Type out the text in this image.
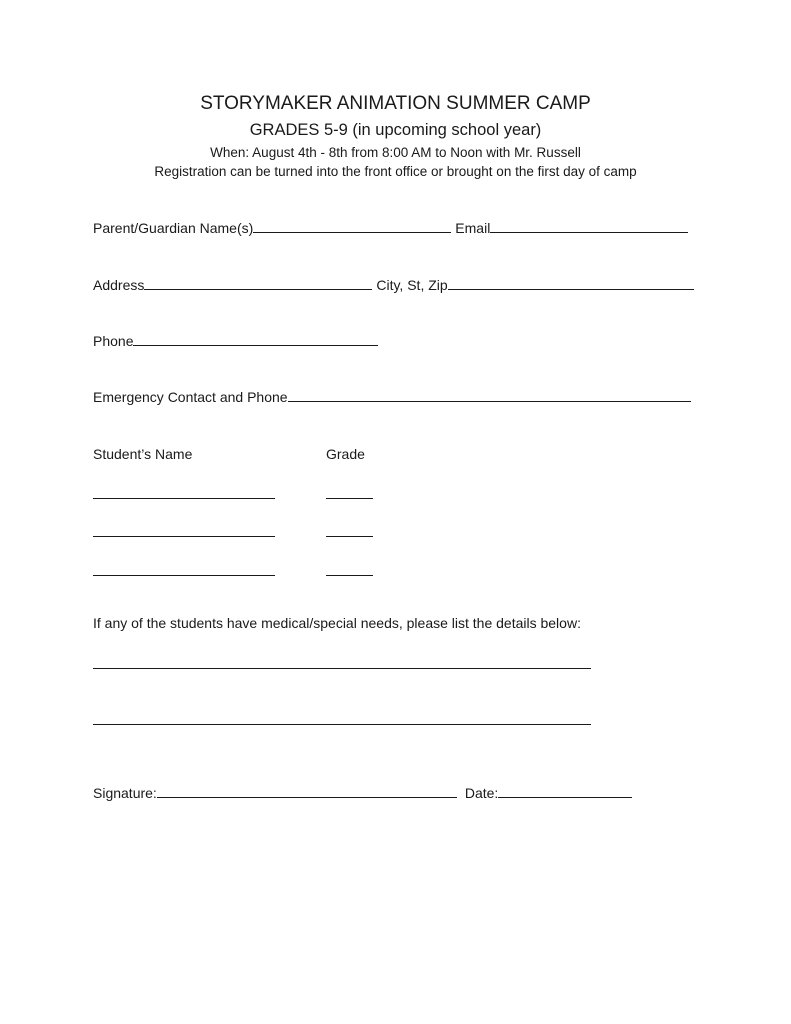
STORYMAKER ANIMATION SUMMER CAMP
GRADES 5-9 (in upcoming school year)
When: August 4th - 8th from 8:00 AM to Noon with Mr. Russell
Registration can be turned into the front office or brought on the first day of camp
Parent/Guardian Name(s)	Email
Address	City, St, Zip
Phone
Emergency Contact and Phone
Student’s Name	Grade
If any of the students have medical/special needs, please list the details below:
Signature:	Date:
